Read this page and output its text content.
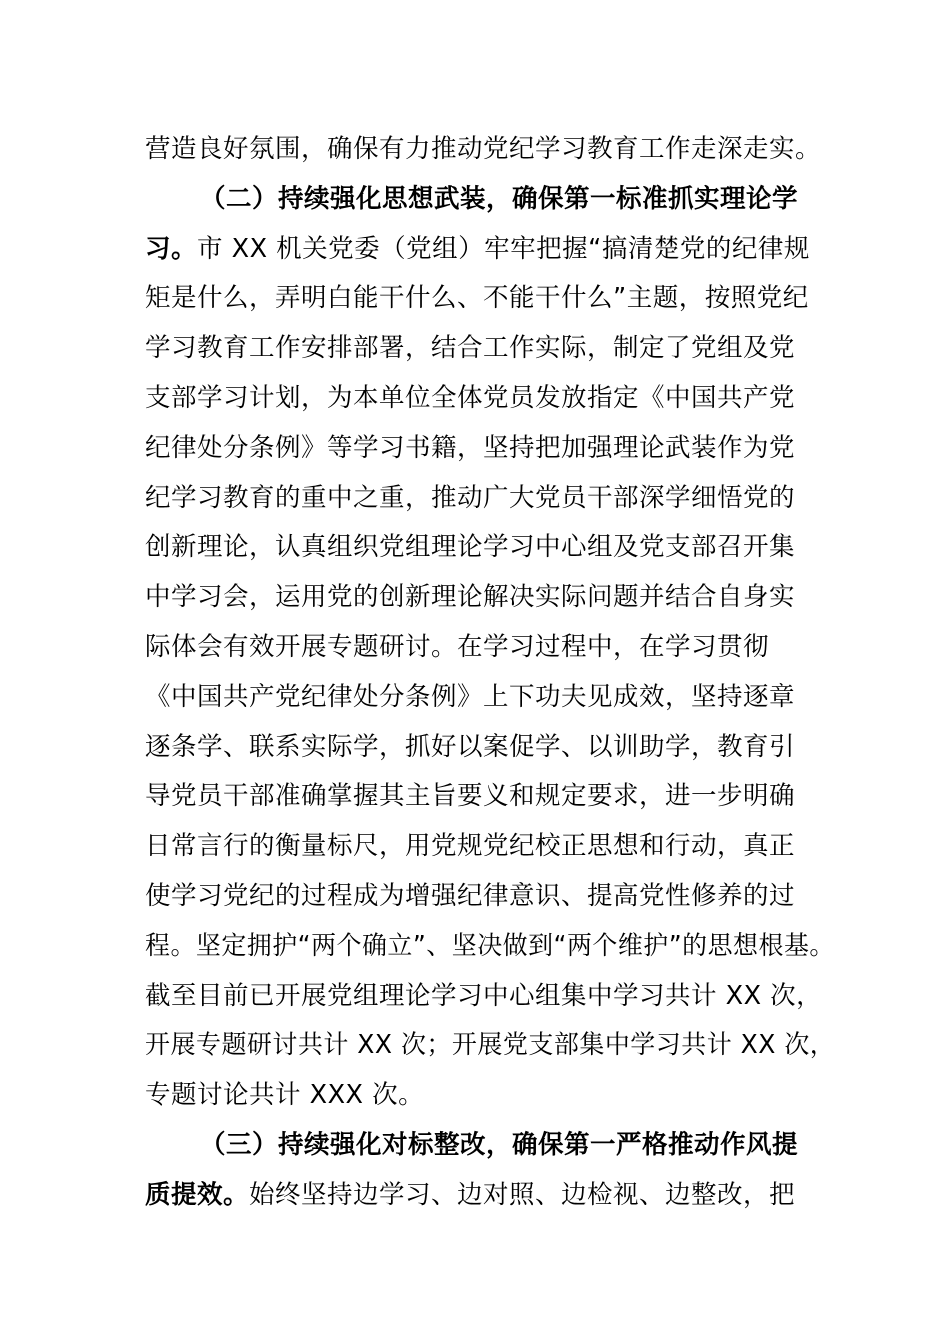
营造良好氛围，确保有力推动党纪学习教育工作走深走实。
（二）持续强化思想武装，确保第一标准抓实理论学
习。市 XX 机关党委（党组）牢牢把握“搞清楚党的纪律规
矩是什么，弄明白能干什么、不能干什么”主题，按照党纪
学习教育工作安排部署，结合工作实际，制定了党组及党
支部学习计划，为本单位全体党员发放指定《中国共产党
纪律处分条例》等学习书籍，坚持把加强理论武装作为党
纪学习教育的重中之重，推动广大党员干部深学细悟党的
创新理论，认真组织党组理论学习中心组及党支部召开集
中学习会，运用党的创新理论解决实际问题并结合自身实
际体会有效开展专题研讨。在学习过程中，在学习贯彻
《中国共产党纪律处分条例》上下功夫见成效，坚持逐章
逐条学、联系实际学，抓好以案促学、以训助学，教育引
导党员干部准确掌握其主旨要义和规定要求，进一步明确
日常言行的衡量标尺，用党规党纪校正思想和行动，真正
使学习党纪的过程成为增强纪律意识、提高党性修养的过
程。坚定拥护“两个确立”、坚决做到“两个维护”的思想根基。
截至目前已开展党组理论学习中心组集中学习共计 XX 次，
开展专题研讨共计 XX 次；开展党支部集中学习共计 XX 次，
专题讨论共计 XXX 次。
（三）持续强化对标整改，确保第一严格推动作风提
质提效。始终坚持边学习、边对照、边检视、边整改，把
